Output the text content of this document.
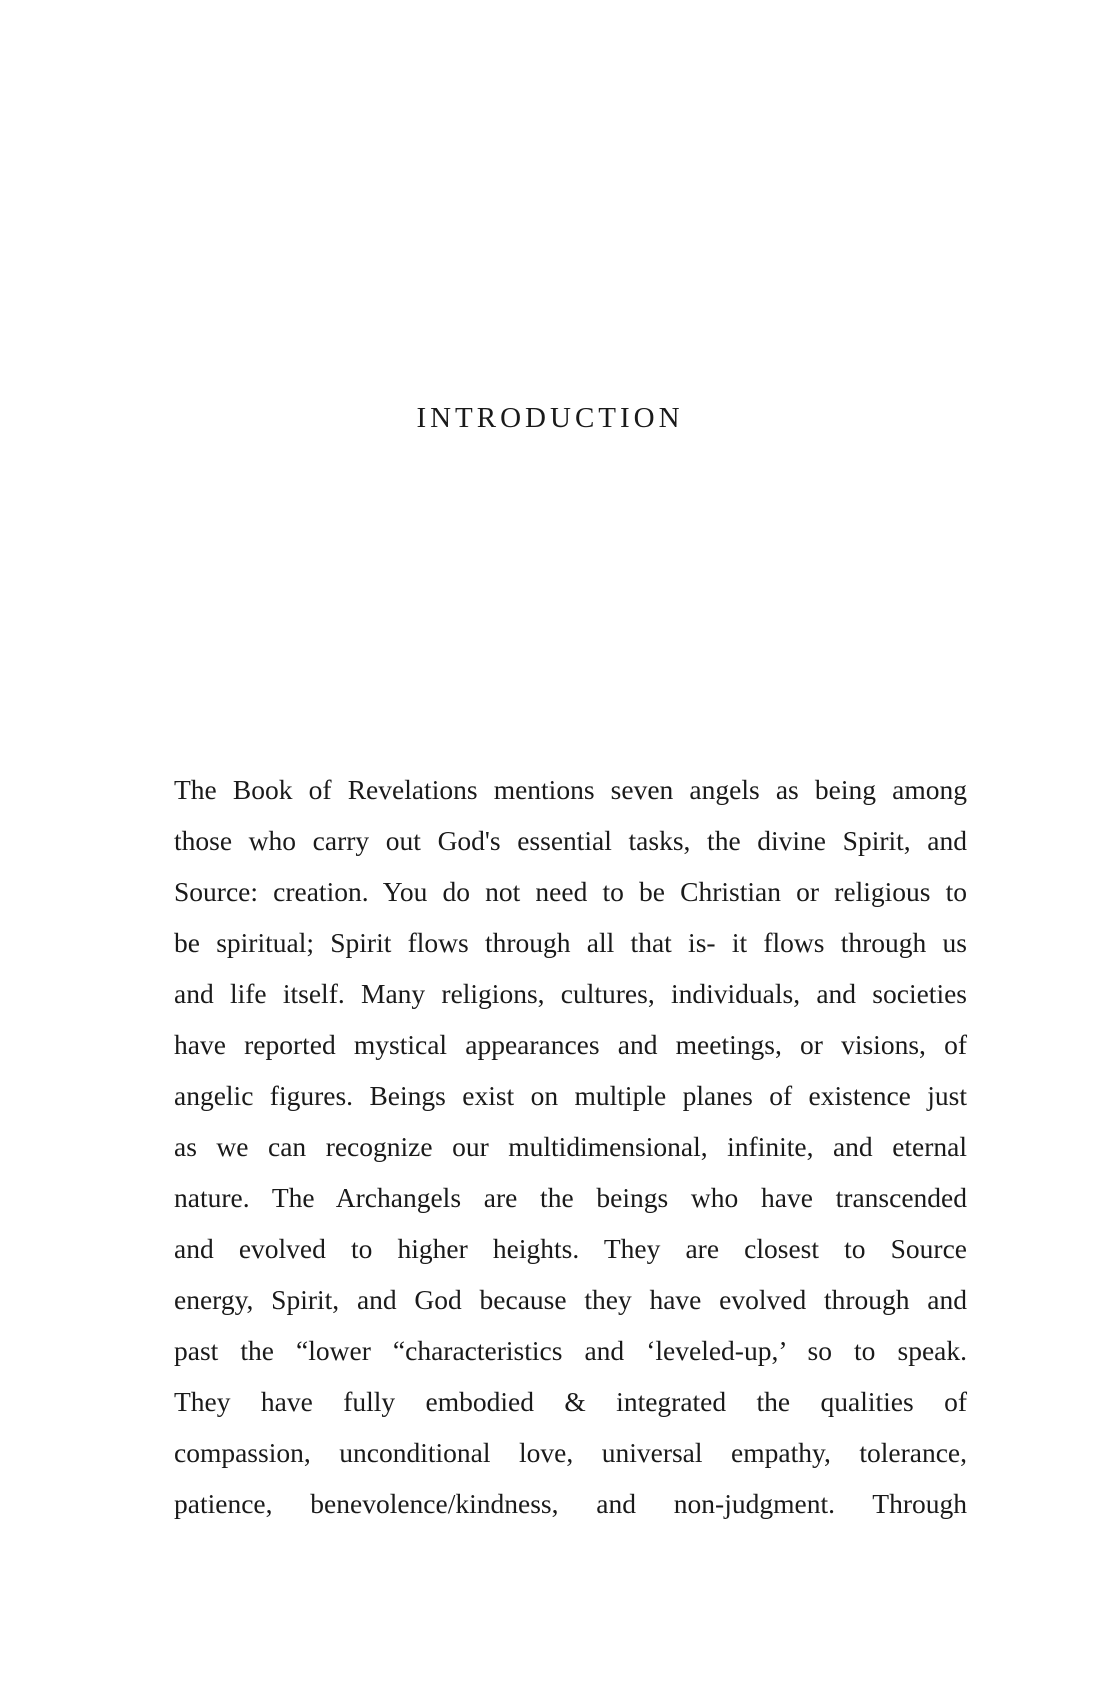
INTRODUCTION
The Book of Revelations mentions seven angels as being among
those who carry out God's essential tasks, the divine Spirit, and
Source: creation. You do not need to be Christian or religious to
be spiritual; Spirit flows through all that is- it flows through us
and life itself. Many religions, cultures, individuals, and societies
have reported mystical appearances and meetings, or visions, of
angelic figures. Beings exist on multiple planes of existence just
as we can recognize our multidimensional, infinite, and eternal
nature. The Archangels are the beings who have transcended
and evolved to higher heights. They are closest to Source
energy, Spirit, and God because they have evolved through and
past the “lower “characteristics and ‘leveled-up,’ so to speak.
They have fully embodied & integrated the qualities of
compassion, unconditional love, universal empathy, tolerance,
patience, benevolence/kindness, and non-judgment. Through
